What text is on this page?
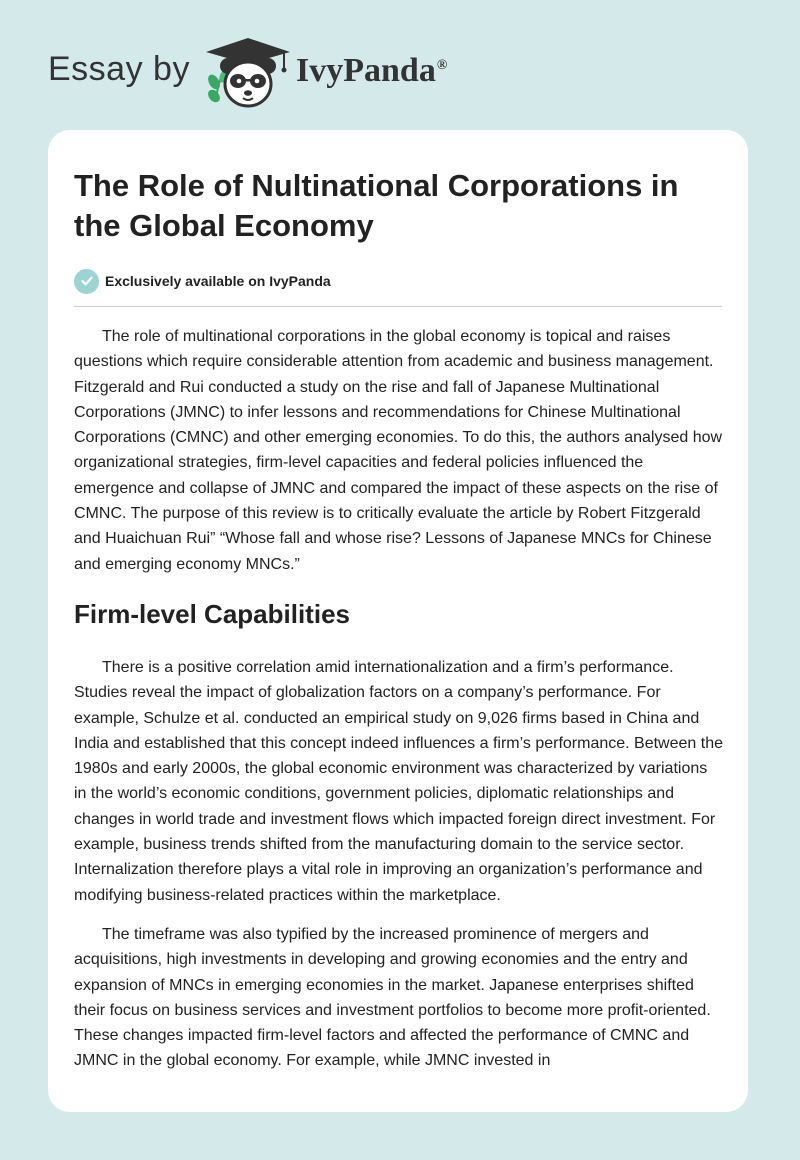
Essay by	IvyPanda®
The Role of Nultinational Corporations in the Global Economy
Exclusively available on IvyPanda

The role of multinational corporations in the global economy is topical and raises questions which require considerable attention from academic and business management. Fitzgerald and Rui conducted a study on the rise and fall of Japanese Multinational Corporations (JMNC) to infer lessons and recommendations for Chinese Multinational Corporations (CMNC) and other emerging economies. To do this, the authors analysed how organizational strategies, firm-level capacities and federal policies influenced the emergence and collapse of JMNC and compared the impact of these aspects on the rise of CMNC. The purpose of this review is to critically evaluate the article by Robert Fitzgerald and Huaichuan Rui” “Whose fall and whose rise? Lessons of Japanese MNCs for Chinese and emerging economy MNCs.”

Firm-level Capabilities

There is a positive correlation amid internationalization and a firm’s performance. Studies reveal the impact of globalization factors on a company’s performance. For example, Schulze et al. conducted an empirical study on 9,026 firms based in China and India and established that this concept indeed influences a firm’s performance. Between the 1980s and early 2000s, the global economic environment was characterized by variations in the world’s economic conditions, government policies, diplomatic relationships and changes in world trade and investment flows which impacted foreign direct investment. For example, business trends shifted from the manufacturing domain to the service sector. Internalization therefore plays a vital role in improving an organization’s performance and modifying business-related practices within the marketplace.

The timeframe was also typified by the increased prominence of mergers and acquisitions, high investments in developing and growing economies and the entry and expansion of MNCs in emerging economies in the market. Japanese enterprises shifted their focus on business services and investment portfolios to become more profit-oriented. These changes impacted firm-level factors and affected the performance of CMNC and JMNC in the global economy. For example, while JMNC invested in
